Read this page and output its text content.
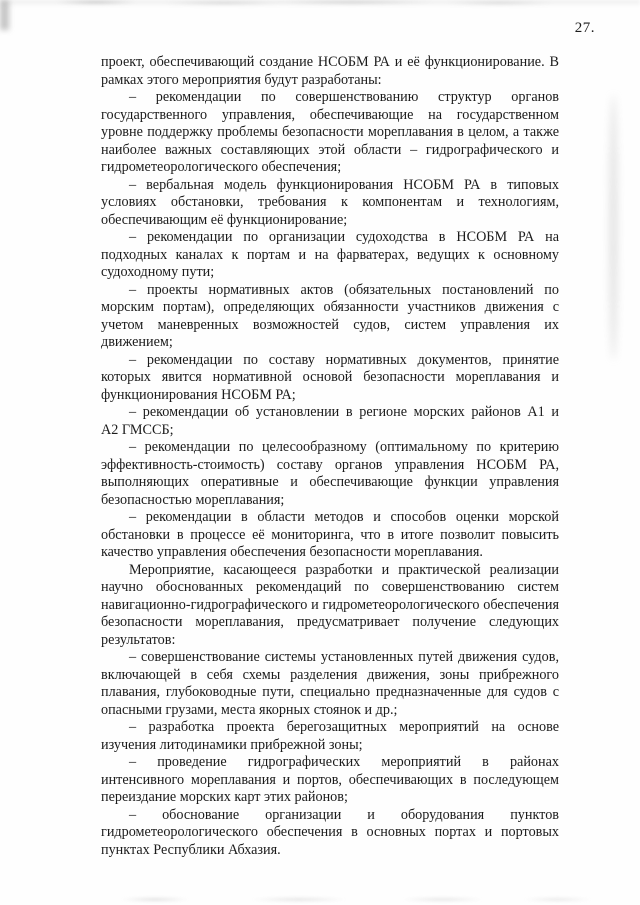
27.
проект, обеспечивающий создание НСОБМ РА и её функционирование. В
рамках этого мероприятия будут разработаны:
– рекомендации по совершенствованию структур органов
государственного управления, обеспечивающие на государственном
уровне поддержку проблемы безопасности мореплавания в целом, а также
наиболее важных составляющих этой области – гидрографического и
гидрометеорологического обеспечения;
– вербальная модель функционирования НСОБМ РА в типовых
условиях обстановки, требования к компонентам и технологиям,
обеспечивающим её функционирование;
– рекомендации по организации судоходства в НСОБМ РА на
подходных каналах к портам и на фарватерах, ведущих к основному
судоходному пути;
– проекты нормативных актов (обязательных постановлений по
морским портам), определяющих обязанности участников движения с
учетом маневренных возможностей судов, систем управления их
движением;
– рекомендации по составу нормативных документов, принятие
которых явится нормативной основой безопасности мореплавания и
функционирования НСОБМ РА;
– рекомендации об установлении в регионе морских районов А1 и
А2 ГМССБ;
– рекомендации по целесообразному (оптимальному по критерию
эффективность-стоимость) составу органов управления НСОБМ РА,
выполняющих оперативные и обеспечивающие функции управления
безопасностью мореплавания;
– рекомендации в области методов и способов оценки морской
обстановки в процессе её мониторинга, что в итоге позволит повысить
качество управления обеспечения безопасности мореплавания.
Мероприятие, касающееся разработки и практической реализации
научно обоснованных рекомендаций по совершенствованию систем
навигационно-гидрографического и гидрометеорологического обеспечения
безопасности мореплавания, предусматривает получение следующих
результатов:
– совершенствование системы установленных путей движения судов,
включающей в себя схемы разделения движения, зоны прибрежного
плавания, глубоководные пути, специально предназначенные для судов с
опасными грузами, места якорных стоянок и др.;
– разработка проекта берегозащитных мероприятий на основе
изучения литодинамики прибрежной зоны;
– проведение гидрографических мероприятий в районах
интенсивного мореплавания и портов, обеспечивающих в последующем
переиздание морских карт этих районов;
– обоснование организации и оборудования пунктов
гидрометеорологического обеспечения в основных портах и портовых
пунктах Республики Абхазия.
